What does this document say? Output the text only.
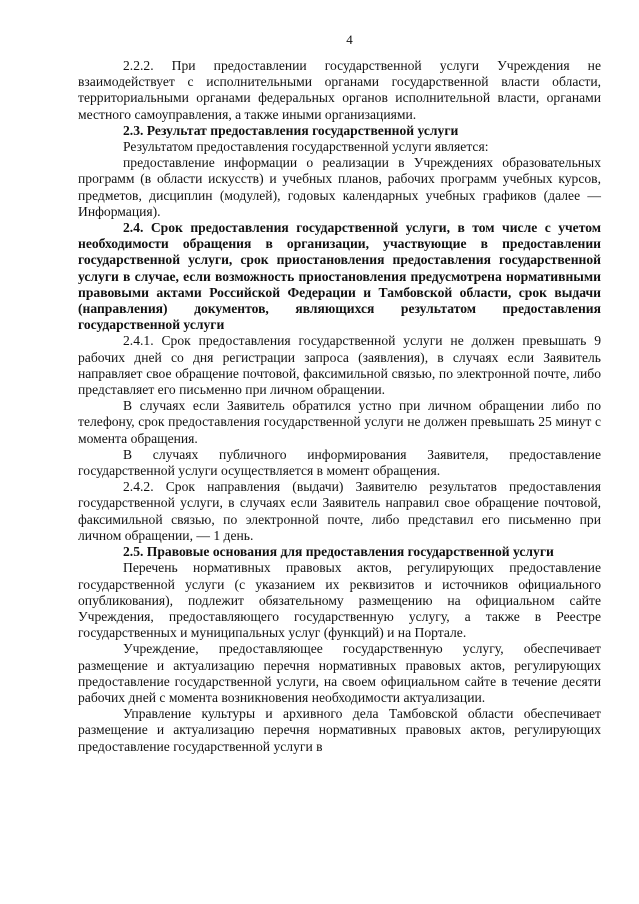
4

2.2.2. При предоставлении государственной услуги Учреждения не взаимодействует с исполнительными органами государственной власти области, территориальными органами федеральных органов исполнительной власти, органами местного самоуправления, а также иными организациями.

2.3. Результат предоставления государственной услуги

Результатом предоставления государственной услуги является:

предоставление информации о реализации в Учреждениях образовательных программ (в области искусств) и учебных планов, рабочих программ учебных курсов, предметов, дисциплин (модулей), годовых календарных учебных графиков (далее — Информация).

2.4. Срок предоставления государственной услуги, в том числе с учетом необходимости обращения в организации, участвующие в предоставлении государственной услуги, срок приостановления предоставления государственной услуги в случае, если возможность приостановления предусмотрена нормативными правовыми актами Российской Федерации и Тамбовской области, срок выдачи (направления) документов, являющихся результатом предоставления государственной услуги

2.4.1. Срок предоставления государственной услуги не должен превышать 9 рабочих дней со дня регистрации запроса (заявления), в случаях если Заявитель направляет свое обращение почтовой, факсимильной связью, по электронной почте, либо представляет его письменно при личном обращении.

В случаях если Заявитель обратился устно при личном обращении либо по телефону, срок предоставления государственной услуги не должен превышать 25 минут с момента обращения.

В случаях публичного информирования Заявителя, предоставление государственной услуги осуществляется в момент обращения.

2.4.2. Срок направления (выдачи) Заявителю результатов предоставления государственной услуги, в случаях если Заявитель направил свое обращение почтовой, факсимильной связью, по электронной почте, либо представил его письменно при личном обращении, — 1 день.

2.5. Правовые основания для предоставления государственной услуги

Перечень нормативных правовых актов, регулирующих предоставление государственной услуги (с указанием их реквизитов и источников официального опубликования), подлежит обязательному размещению на официальном сайте Учреждения, предоставляющего государственную услугу, а также в Реестре государственных и муниципальных услуг (функций) и на Портале.

Учреждение, предоставляющее государственную услугу, обеспечивает размещение и актуализацию перечня нормативных правовых актов, регулирующих предоставление государственной услуги, на своем официальном сайте в течение десяти рабочих дней с момента возникновения необходимости актуализации.

Управление культуры и архивного дела Тамбовской области обеспечивает размещение и актуализацию перечня нормативных правовых актов, регулирующих предоставление государственной услуги в
